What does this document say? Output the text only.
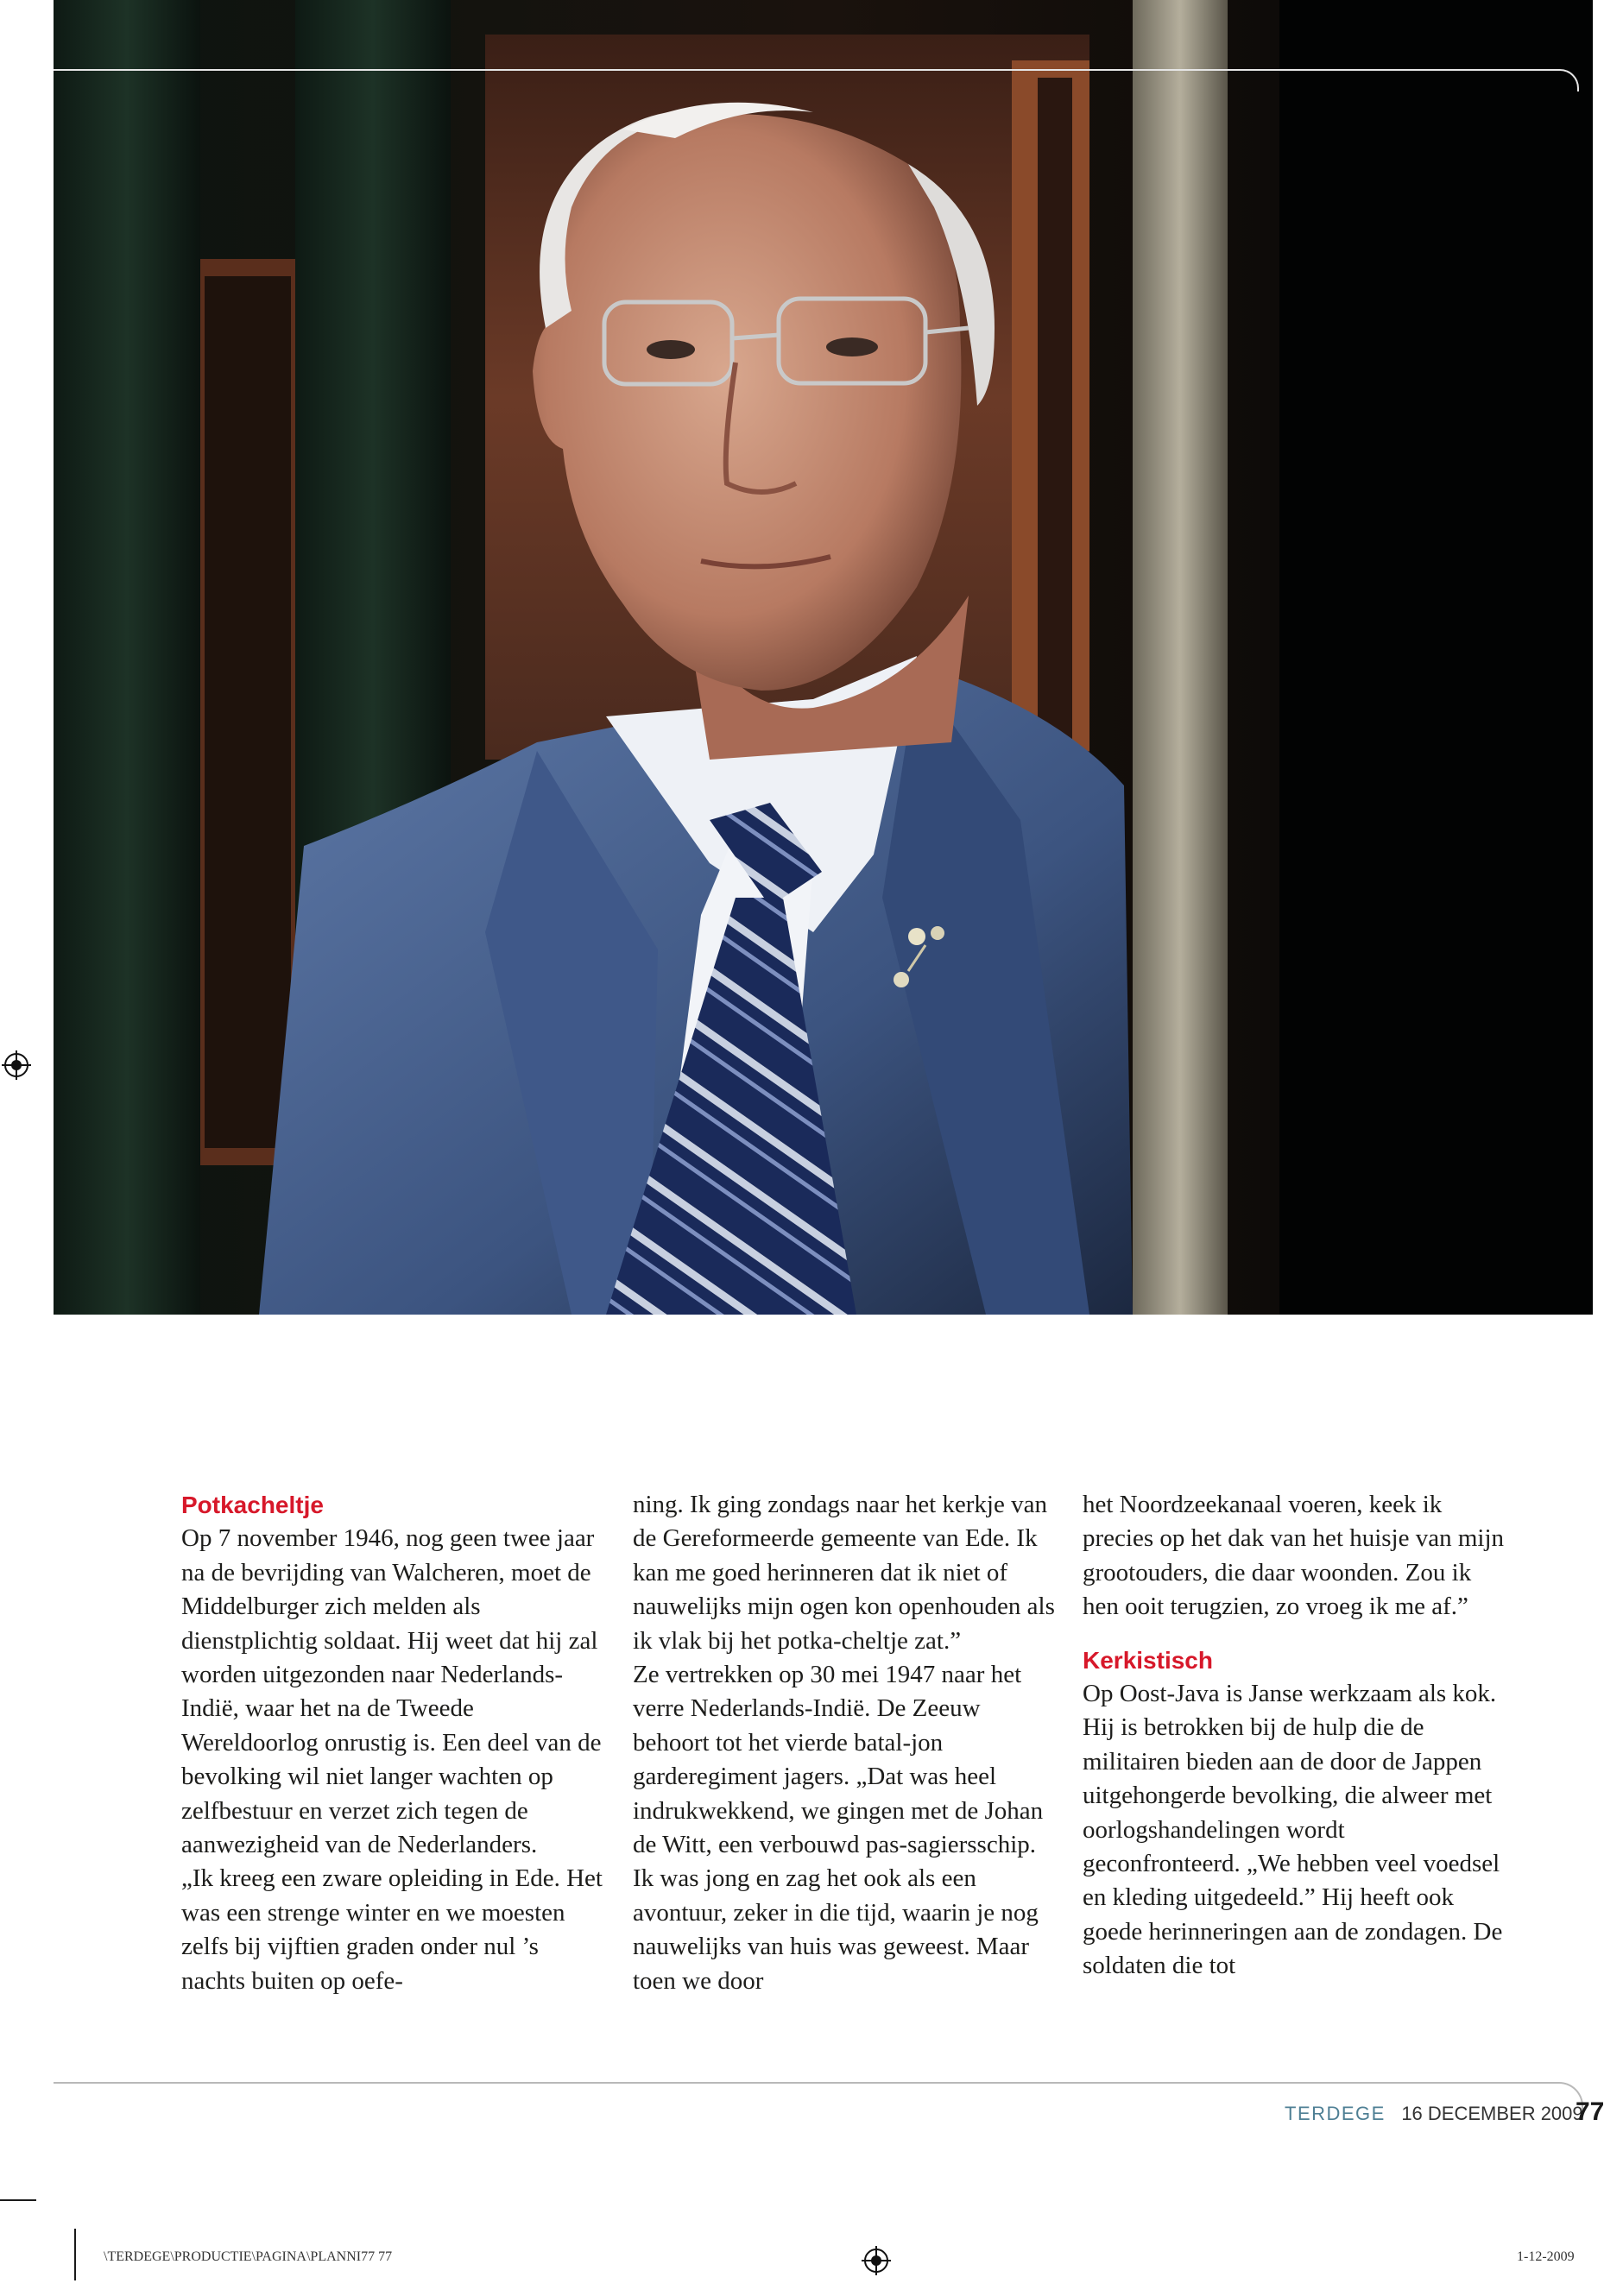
Potkacheltje

Op 7 november 1946, nog geen twee jaar na de bevrijding van Walcheren, moet de Middelburger zich melden als dienstplichtig soldaat. Hij weet dat hij zal worden uitgezonden naar Nederlands-Indië, waar het na de Tweede Wereldoorlog onrustig is. Een deel van de bevolking wil niet langer wachten op zelfbestuur en verzet zich tegen de aanwezigheid van de Nederlanders.

„Ik kreeg een zware opleiding in Ede. Het was een strenge winter en we moesten zelfs bij vijftien graden onder nul ’s nachts buiten op oefe-

ning. Ik ging zondags naar het kerkje van de Gereformeerde gemeente van Ede. Ik kan me goed herinneren dat ik niet of nauwelijks mijn ogen kon openhouden als ik vlak bij het potka-cheltje zat.”

Ze vertrekken op 30 mei 1947 naar het verre Nederlands-Indië. De Zeeuw behoort tot het vierde batal-jon garderegiment jagers. „Dat was heel indrukwekkend, we gingen met de Johan de Witt, een verbouwd pas-sagiersschip. Ik was jong en zag het ook als een avontuur, zeker in die tijd, waarin je nog nauwelijks van huis was geweest. Maar toen we door

het Noordzeekanaal voeren, keek ik precies op het dak van het huisje van mijn grootouders, die daar woonden. Zou ik hen ooit terugzien, zo vroeg ik me af.”

Kerkistisch

Op Oost-Java is Janse werkzaam als kok. Hij is betrokken bij de hulp die de militairen bieden aan de door de Jappen uitgehongerde bevolking, die alweer met oorlogshandelingen wordt geconfronteerd. „We hebben veel voedsel en kleding uitgedeeld.” Hij heeft ook goede herinneringen aan de zondagen. De soldaten die tot

TERDEGE 16 DECEMBER 2009
77
\TERDEGE\PRODUCTIE\PAGINA\PLANNI77 77	1-12-2009
